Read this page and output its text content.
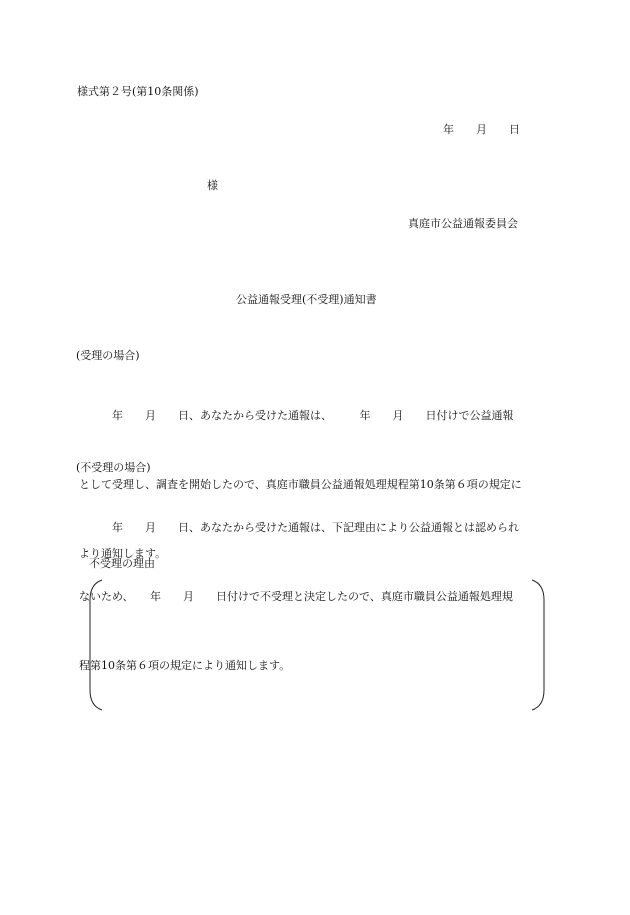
様式第２号(第10条関係)
年　　月　　日
様
真庭市公益通報委員会
公益通報受理(不受理)通知書
(受理の場合)

　　　年　　月　　日、あなたから受けた通報は、　　　年　　月　　日付けで公益通報

として受理し、調査を開始したので、真庭市職員公益通報処理規程第10条第６項の規定に

より通知します。

(不受理の場合)

　　　年　　月　　日、あなたから受けた通報は、下記理由により公益通報とは認められ

ないため、　　年　　月　　日付けで不受理と決定したので、真庭市職員公益通報処理規

程第10条第６項の規定により通知します。

不受理の理由
